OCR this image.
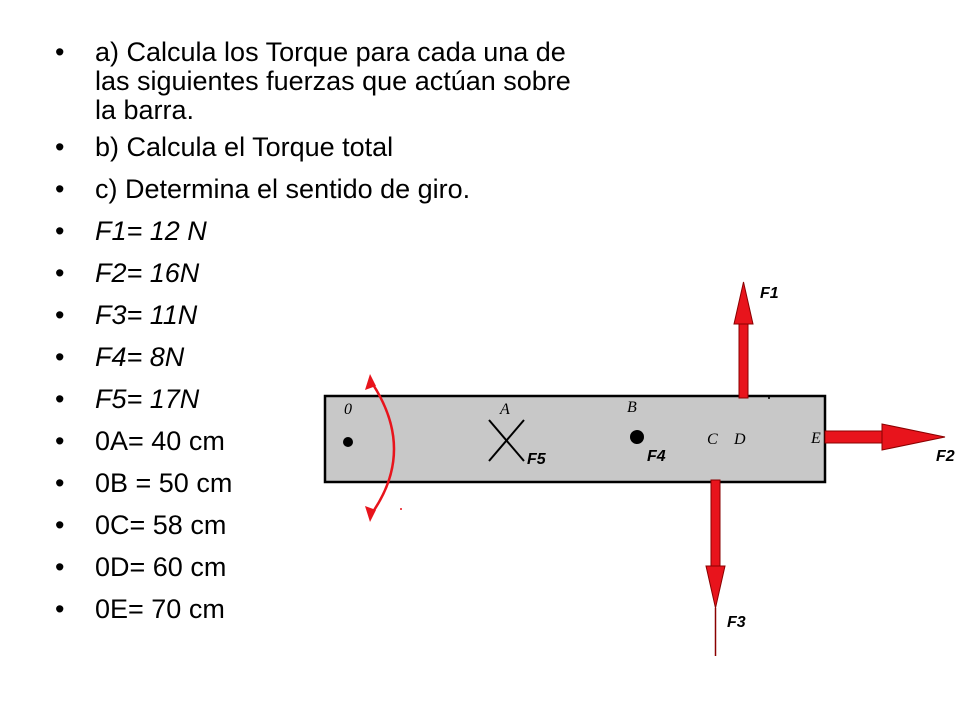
• a) Calcula los Torque para cada una de las siguientes fuerzas que actúan sobre la barra.
• b) Calcula el Torque total
• c) Determina el sentido de giro.
• F1= 12 N
• F2= 16N
• F3= 11N
• F4= 8N
• F5= 17N
• 0A= 40 cm
• 0B = 50 cm
• 0C= 58 cm
• 0D= 60 cm
• 0E= 70 cm
0	A
F5
B
F4
C D	E
F1
F2
F3
